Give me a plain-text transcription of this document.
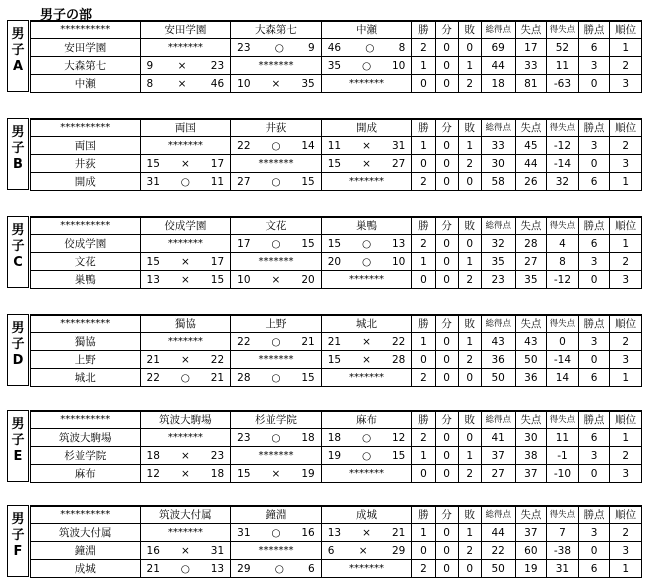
男子の部
男
子
A
**********	安田学園	大森第七	中瀬	勝	分	敗	総得点	失点	得失点	勝点	順位
安田学園	*******	23 ○ 9	46 ○ 8	2	0	0	69	17	52	6	1
大森第七	9 × 23	*******	35 ○ 10	1	0	1	44	33	11	3	2
中瀬	8 × 46	10 × 35	*******	0	0	2	18	81	-63	0	3
男
子
B
**********	両国	井荻	開成	勝	分	敗	総得点	失点	得失点	勝点	順位
両国	*******	22 ○ 14	11 × 31	1	0	1	33	45	-12	3	2
井荻	15 × 17	*******	15 × 27	0	0	2	30	44	-14	0	3
開成	31 ○ 11	27 ○ 15	*******	2	0	0	58	26	32	6	1
男
子
C
**********	佼成学園	文花	巣鴨	勝	分	敗	総得点	失点	得失点	勝点	順位
佼成学園	*******	17 ○ 15	15 ○ 13	2	0	0	32	28	4	6	1
文花	15 × 17	*******	20 ○ 10	1	0	1	35	27	8	3	2
巣鴨	13 × 15	10 × 20	*******	0	0	2	23	35	-12	0	3
男
子
D
**********	獨協	上野	城北	勝	分	敗	総得点	失点	得失点	勝点	順位
獨協	*******	22 ○ 21	21 × 22	1	0	1	43	43	0	3	2
上野	21 × 22	*******	15 × 28	0	0	2	36	50	-14	0	3
城北	22 ○ 21	28 ○ 15	*******	2	0	0	50	36	14	6	1
男
子
E
**********	筑波大駒場	杉並学院	麻布	勝	分	敗	総得点	失点	得失点	勝点	順位
筑波大駒場	*******	23 ○ 18	18 ○ 12	2	0	0	41	30	11	6	1
杉並学院	18 × 23	*******	19 ○ 15	1	0	1	37	38	-1	3	2
麻布	12 × 18	15 × 19	*******	0	0	2	27	37	-10	0	3
男
子
F
**********	筑波大付属	鐘淵	成城	勝	分	敗	総得点	失点	得失点	勝点	順位
筑波大付属	*******	31 ○ 16	13 × 21	1	0	1	44	37	7	3	2
鐘淵	16 × 31	*******	6 × 29	0	0	2	22	60	-38	0	3
成城	21 ○ 13	29 ○ 6	*******	2	0	0	50	19	31	6	1
